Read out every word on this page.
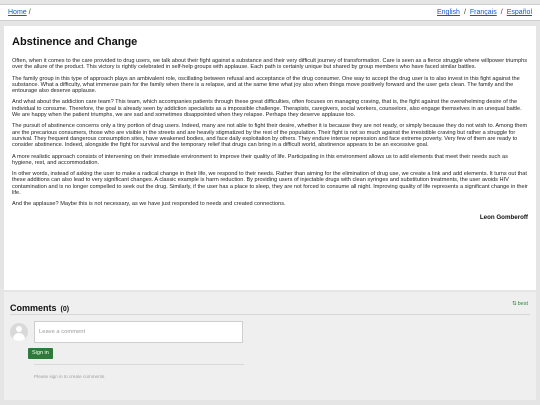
Home /	English / Français / Español
Abstinence and Change

Often, when it comes to the care provided to drug users, we talk about their fight against a substance and their very difficult journey of transformation. Care is seen as a fierce struggle where willpower triumphs over the allure of the product. This victory is rightly celebrated in self-help groups with applause. Each path is certainly unique but shared by group members who have faced similar battles.

The family group in this type of approach plays an ambivalent role, oscillating between refusal and acceptance of the drug consumer. One way to accept the drug user is to also invest in this fight against the substance. What a difficulty, what immense pain for the family when there is a relapse, and at the same time what joy also when things move positively forward and the user gets clean. The family and the entourage also deserve applause.

And what about the addiction care team? This team, which accompanies patients through these great difficulties, often focuses on managing craving, that is, the fight against the overwhelming desire of the individual to consume. Therefore, the goal is already seen by addiction specialists as a impossible challenge. Therapists, caregivers, social workers, counselors, also engage themselves in an unequal battle. We are happy when the patient triumphs, we are sad and sometimes disappointed when they relapse. Perhaps they deserve applause too.

The pursuit of abstinence concerns only a tiny portion of drug users. Indeed, many are not able to fight their desire, whether it is because they are not ready, or simply because they do not wish to. Among them are the precarious consumers, those who are visible in the streets and are heavily stigmatized by the rest of the population. Their fight is not so much against the irresistible craving but rather a struggle for survival. They frequent dangerous consumption sites, have weakened bodies, and face daily exploitation by others. They endure intense repression and face extreme poverty. Very few of them are ready to consider abstinence. Indeed, alongside the fight for survival and the temporary relief that drugs can bring in a difficult world, abstinence appears to be an excessive goal.

A more realistic approach consists of intervening on their immediate environment to improve their quality of life. Participating in this environment allows us to add elements that meet their needs such as hygiene, rest, and accommodation.

In other words, instead of asking the user to make a radical change in their life, we respond to their needs. Rather than aiming for the elimination of drug use, we create a link and add elements. It turns out that these additions can also lead to very significant changes. A classic example is harm reduction. By providing users of injectable drugs with clean syringes and substitution treatments, the user avoids HIV contamination and is no longer compelled to seek out the drug. Similarly, if the user has a place to sleep, they are not forced to consume all night. Improving quality of life represents a significant change in their life.

And the applause? Maybe this is not necessary, as we have just responded to needs and created connections.

Leon Gomberoff
Comments (0)
⇅best
Leave a comment
Sign in
Please sign in to create comments.
